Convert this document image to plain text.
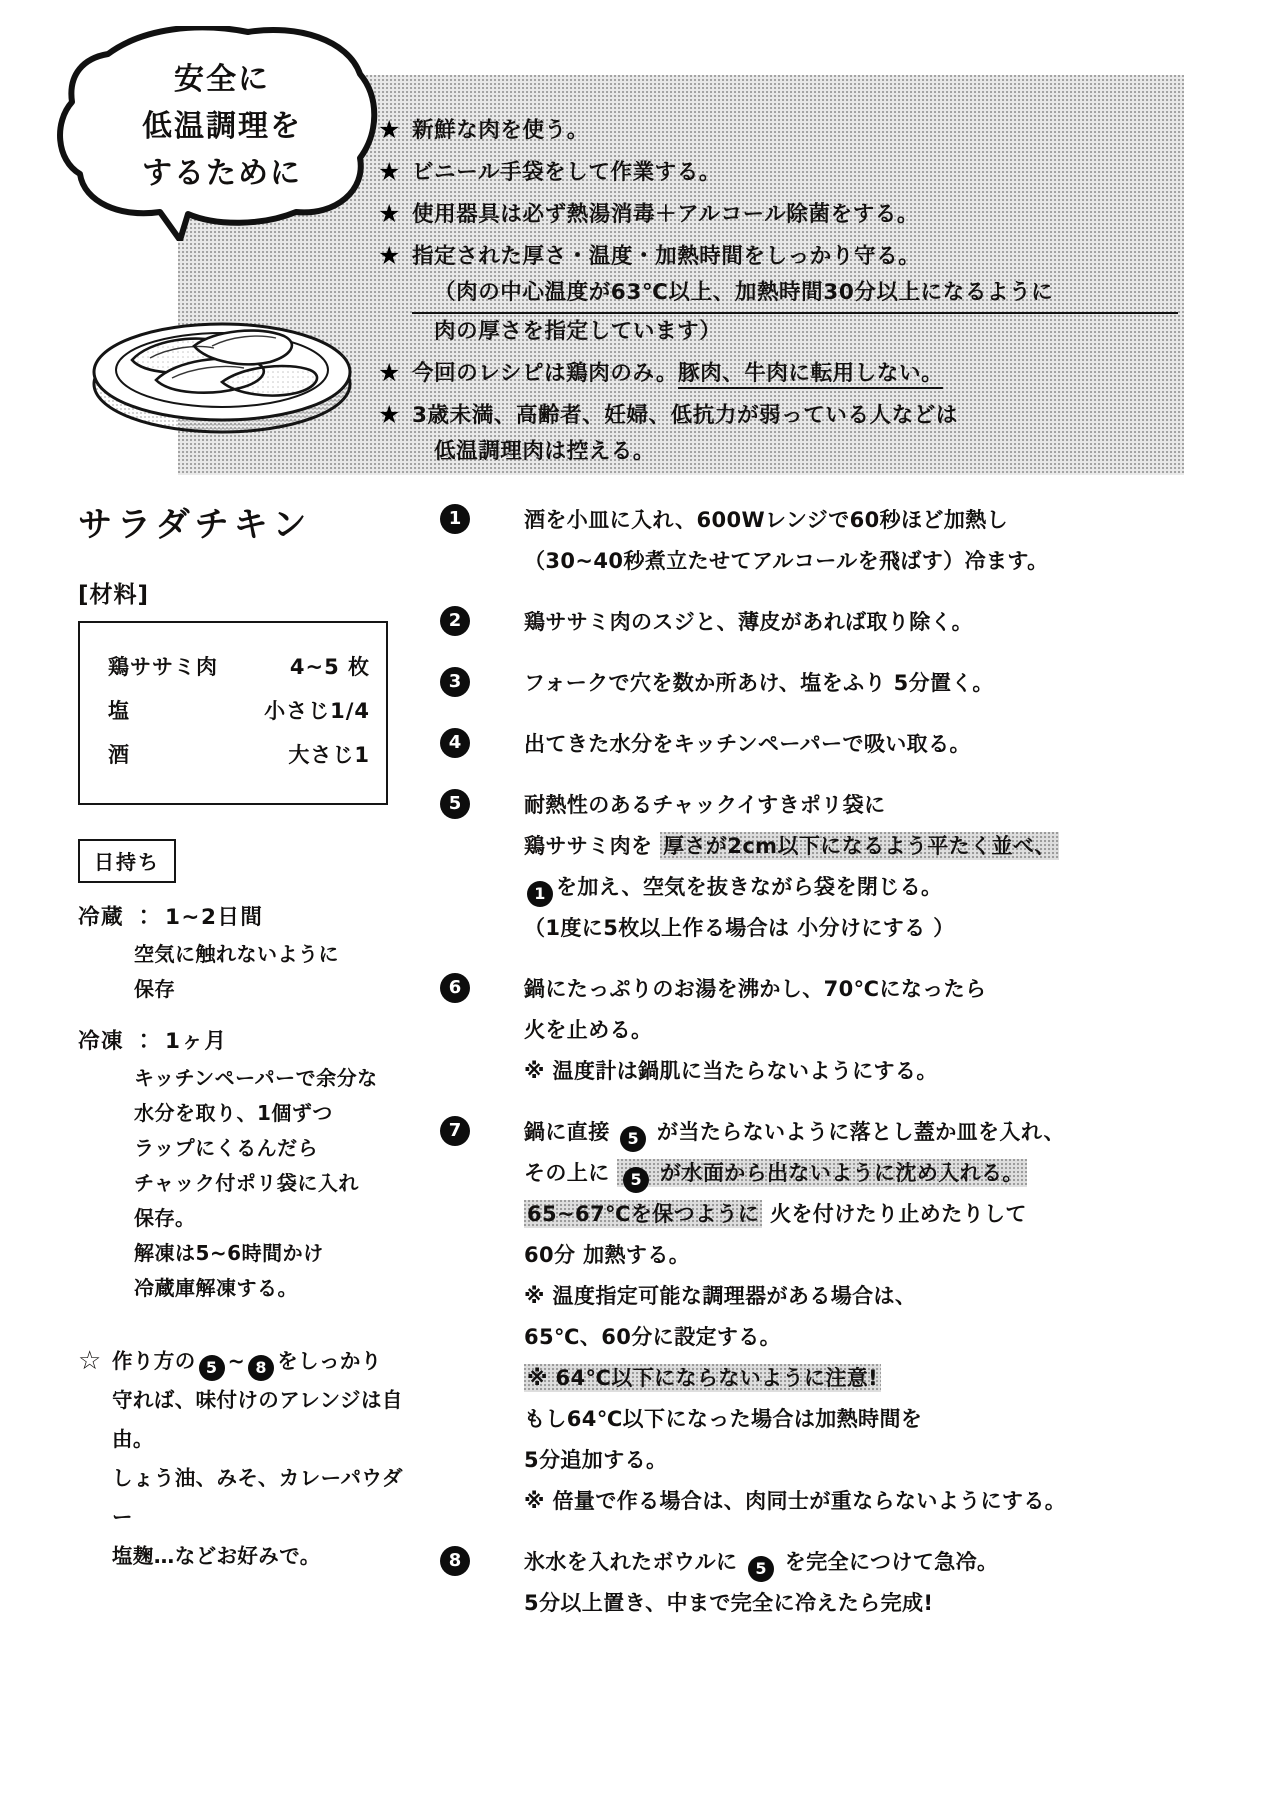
★ 新鮮な肉を使う。
★ ビニール手袋をして作業する。
★ 使用器具は必ず熱湯消毒＋アルコール除菌をする。
★ 指定された厚さ・温度・加熱時間をしっかり守る。
（肉の中心温度が63℃以上、加熱時間30分以上になるように
肉の厚さを指定しています）
★ 今回のレシピは鶏肉のみ。豚肉、牛肉に転用しない。
★ 3歳未満、高齢者、妊婦、低抗力が弱っている人などは
低温調理肉は控える。
安全に
低温調理を
するために
サラダチキン
[材料]
鶏ササミ肉	4~5 枚
塩	小さじ1/4
酒	大さじ1
日持ち
冷蔵 ： 1~2日間
空気に触れないように
保存
冷凍 ： 1ヶ月
キッチンペーパーで余分な
水分を取り、1個ずつ
ラップにくるんだら
チャック付ポリ袋に入れ
保存。
解凍は5~6時間かけ
冷蔵庫解凍する。
☆ 作り方の 5 ~ 8 をしっかり
守れば、味付けのアレンジは自由。
しょう油、みそ、カレーパウダー
塩麹…などお好みで。
1	酒を小皿に入れ、600Wレンジで60秒ほど加熱し
（30~40秒煮立たせてアルコールを飛ばす）冷ます。
2	鶏ササミ肉のスジと、薄皮があれば取り除く。
3	フォークで穴を数か所あけ、塩をふり 5分置く。
4	出てきた水分をキッチンペーパーで吸い取る。
5	耐熱性のあるチャックイすきポリ袋に
鶏ササミ肉を 厚さが2cm以下になるよう平たく並べ、
1 を加え、空気を抜きながら袋を閉じる。
（1度に5枚以上作る場合は 小分けにする ）
6	鍋にたっぷりのお湯を沸かし、70℃になったら
火を止める。
※ 温度計は鍋肌に当たらないようにする。
7	鍋に直接 5 が当たらないように落とし蓋か皿を入れ、
その上に 5 が水面から出ないように沈め入れる。
65~67℃を保つように 火を付けたり止めたりして
60分 加熱する。
※ 温度指定可能な調理器がある場合は、
65℃、60分に設定する。
※ 64℃以下にならないように注意!
もし64℃以下になった場合は加熱時間を
5分追加する。
※ 倍量で作る場合は、肉同士が重ならないようにする。
8	氷水を入れたボウルに 5 を完全につけて急冷。
5分以上置き、中まで完全に冷えたら完成!
